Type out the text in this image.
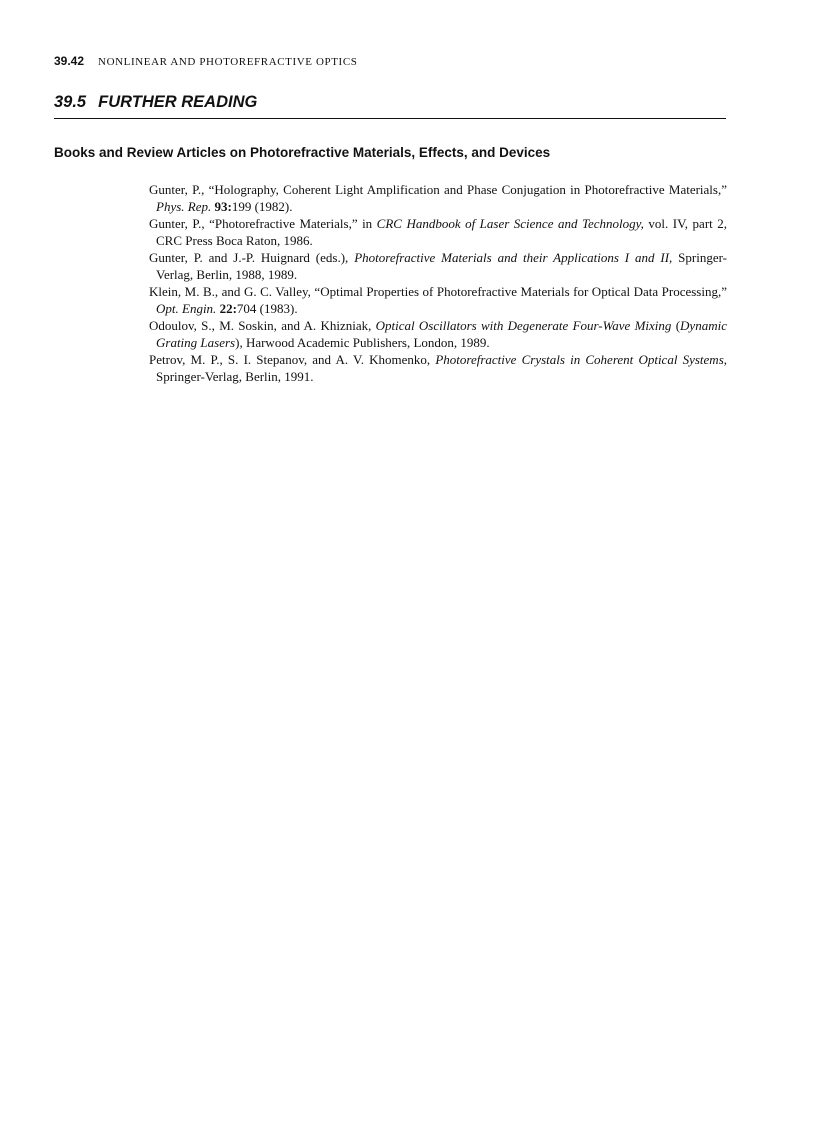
39.42 NONLINEAR AND PHOTOREFRACTIVE OPTICS
39.5 FURTHER READING
Books and Review Articles on Photorefractive Materials, Effects, and Devices

Gunter, P., “Holography, Coherent Light Amplification and Phase Conjugation in Photorefractive Materials,” Phys. Rep. 93:199 (1982).

Gunter, P., “Photorefractive Materials,” in CRC Handbook of Laser Science and Technology, vol. IV, part 2, CRC Press Boca Raton, 1986.

Gunter, P. and J.-P. Huignard (eds.), Photorefractive Materials and their Applications I and II, Springer-Verlag, Berlin, 1988, 1989.

Klein, M. B., and G. C. Valley, “Optimal Properties of Photorefractive Materials for Optical Data Processing,” Opt. Engin. 22:704 (1983).

Odoulov, S., M. Soskin, and A. Khizniak, Optical Oscillators with Degenerate Four-Wave Mixing (Dynamic Grating Lasers), Harwood Academic Publishers, London, 1989.

Petrov, M. P., S. I. Stepanov, and A. V. Khomenko, Photorefractive Crystals in Coherent Optical Systems, Springer-Verlag, Berlin, 1991.
